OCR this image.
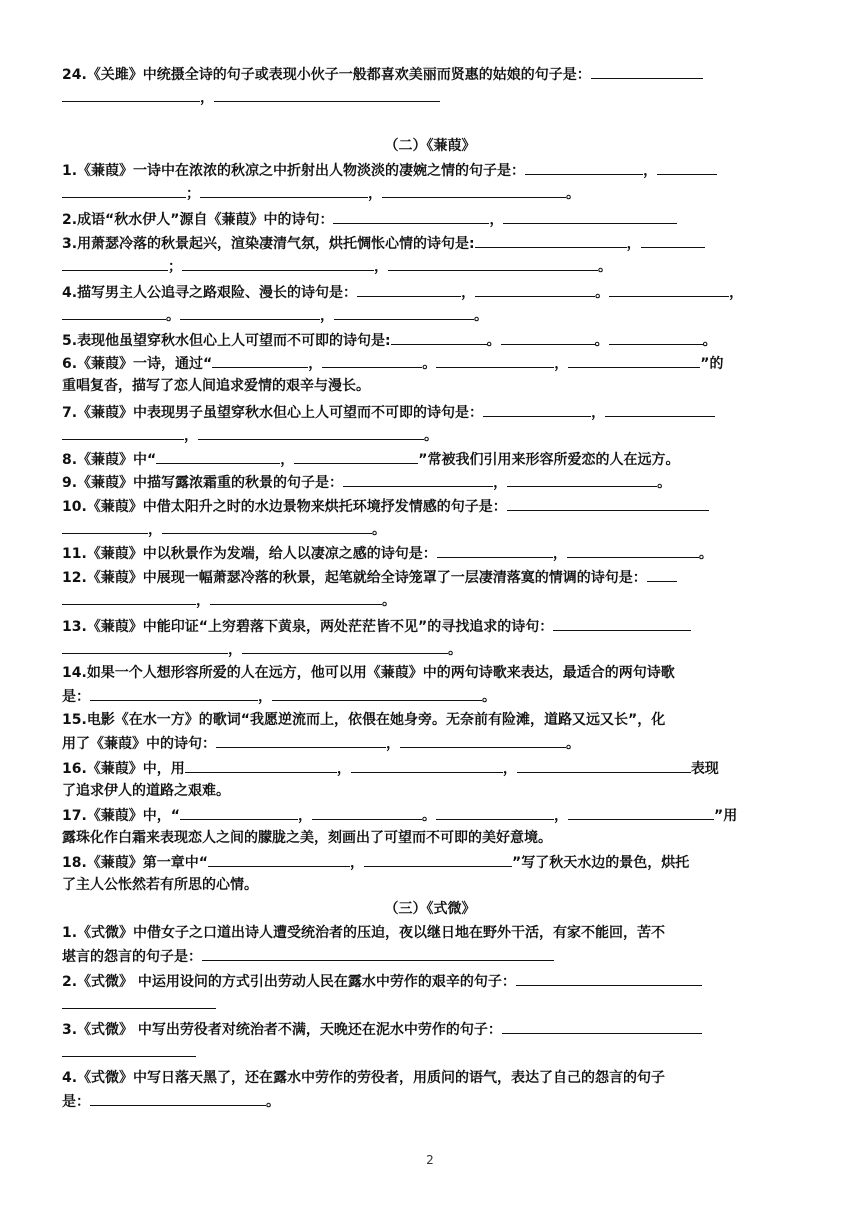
24.《关雎》中统摄全诗的句子或表现小伙子一般都喜欢美丽而贤惠的姑娘的句子是：
，
（二）《蒹葭》
1.《蒹葭》一诗中在浓浓的秋凉之中折射出人物淡淡的凄婉之情的句子是：	，
；	，	。
2.成语“秋水伊人”源自《蒹葭》中的诗句：	，
3.用萧瑟冷落的秋景起兴，渲染凄清气氛，烘托惆怅心情的诗句是:	，
；	，	。
4.描写男主人公追寻之路艰险、漫长的诗句是：	，	。	，
。	，	。
5.表现他虽望穿秋水但心上人可望而不可即的诗句是:	。	。	。
6.《蒹葭》一诗，通过“	，	。	，	”的
重唱复沓，描写了恋人间追求爱情的艰辛与漫长。
7.《蒹葭》中表现男子虽望穿秋水但心上人可望而不可即的诗句是：	，
，	。
8.《蒹葭》中“	，	”常被我们引用来形容所爱恋的人在远方。
9.《蒹葭》中描写露浓霜重的秋景的句子是：	，	。
10.《蒹葭》中借太阳升之时的水边景物来烘托环境抒发情感的句子是：
，	。
11.《蒹葭》中以秋景作为发端，给人以凄凉之感的诗句是：	，	。
12.《蒹葭》中展现一幅萧瑟冷落的秋景，起笔就给全诗笼罩了一层凄清落寞的情调的诗句是：
，	。
13.《蒹葭》中能印证“上穷碧落下黄泉，两处茫茫皆不见”的寻找追求的诗句：
，	。
14.如果一个人想形容所爱的人在远方，他可以用《蒹葭》中的两句诗歌来表达，最适合的两句诗歌
是：	，	。
15.电影《在水一方》的歌词“我愿逆流而上，依偎在她身旁。无奈前有险滩，道路又远又长”，化
用了《蒹葭》中的诗句：	，	。
16.《蒹葭》中，用	，	，	表现
了追求伊人的道路之艰难。
17.《蒹葭》中，“	，	。	，	”用
露珠化作白霜来表现恋人之间的朦胧之美，刻画出了可望而不可即的美好意境。
18.《蒹葭》第一章中“	，	”写了秋天水边的景色，烘托
了主人公怅然若有所思的心情。
（三）《式微》
1.《式微》中借女子之口道出诗人遭受统治者的压迫，夜以继日地在野外干活，有家不能回，苦不
堪言的怨言的句子是：
2.《式微》 中运用设问的方式引出劳动人民在露水中劳作的艰辛的句子：
3.《式微》 中写出劳役者对统治者不满，天晚还在泥水中劳作的句子：
4.《式微》中写日落天黑了，还在露水中劳作的劳役者，用质问的语气，表达了自己的怨言的句子
是：	。
2
